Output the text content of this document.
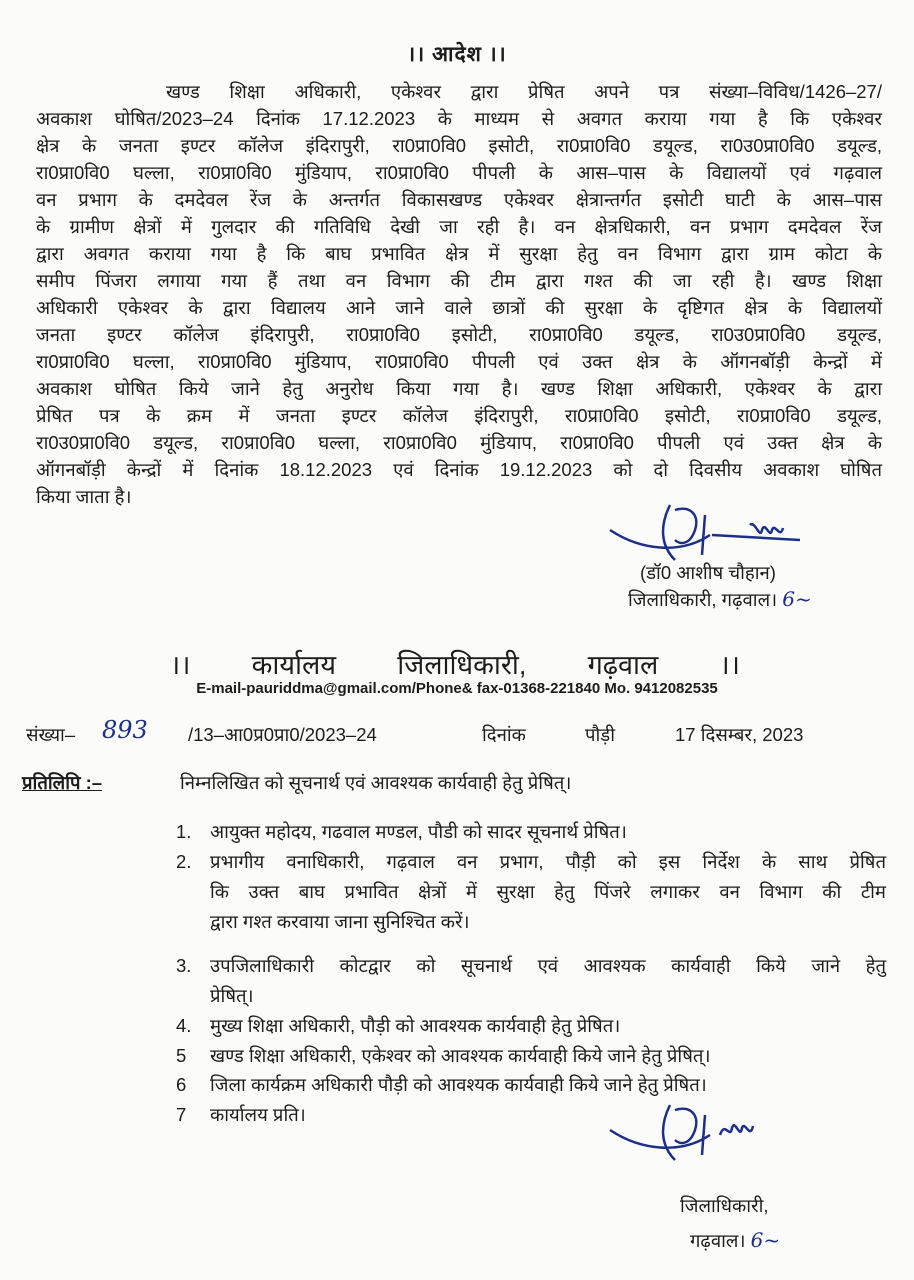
।। आदेश ।।
खण्ड शिक्षा अधिकारी, एकेश्वर द्वारा प्रेषित अपने पत्र संख्या–विविध/1426–27/
अवकाश घोषित/2023–24 दिनांक 17.12.2023 के माध्यम से अवगत कराया गया है कि एकेश्वर
क्षेत्र के जनता इण्टर कॉलेज इंदिरापुरी, रा0प्रा0वि0 इसोटी, रा0प्रा0वि0 डयूल्ड, रा0उ0प्रा0वि0 डयूल्ड,
रा0प्रा0वि0 घल्ला, रा0प्रा0वि0 मुंडियाप, रा0प्रा0वि0 पीपली के आस–पास के विद्यालयों एवं गढ़वाल
वन प्रभाग के दमदेवल रेंज के अन्तर्गत विकासखण्ड एकेश्वर क्षेत्रान्तर्गत इसोटी घाटी के आस–पास
के ग्रामीण क्षेत्रों में गुलदार की गतिविधि देखी जा रही है। वन क्षेत्रधिकारी, वन प्रभाग दमदेवल रेंज
द्वारा अवगत कराया गया है कि बाघ प्रभावित क्षेत्र में सुरक्षा हेतु वन विभाग द्वारा ग्राम कोटा के
समीप पिंजरा लगाया गया हैं तथा वन विभाग की टीम द्वारा गश्त की जा रही है। खण्ड शिक्षा
अधिकारी एकेश्वर के द्वारा विद्यालय आने जाने वाले छात्रों की सुरक्षा के दृष्टिगत क्षेत्र के विद्यालयों
जनता इण्टर कॉलेज इंदिरापुरी, रा0प्रा0वि0 इसोटी, रा0प्रा0वि0 डयूल्ड, रा0उ0प्रा0वि0 डयूल्ड,
रा0प्रा0वि0 घल्ला, रा0प्रा0वि0 मुंडियाप, रा0प्रा0वि0 पीपली एवं उक्त क्षेत्र के ऑगनबॉड़ी केन्द्रों में
अवकाश घोषित किये जाने हेतु अनुरोध किया गया है। खण्ड शिक्षा अधिकारी, एकेश्वर के द्वारा
प्रेषित पत्र के क्रम में जनता इण्टर कॉलेज इंदिरापुरी, रा0प्रा0वि0 इसोटी, रा0प्रा0वि0 डयूल्ड,
रा0उ0प्रा0वि0 डयूल्ड, रा0प्रा0वि0 घल्ला, रा0प्रा0वि0 मुंडियाप, रा0प्रा0वि0 पीपली एवं उक्त क्षेत्र के
ऑगनबॉड़ी केन्द्रों में दिनांक 18.12.2023 एवं दिनांक 19.12.2023 को दो दिवसीय अवकाश घोषित
किया जाता है।
(डॉ0 आशीष चौहान)
जिलाधिकारी, गढ़वाल। 6~
।। कार्यालय जिलाधिकारी, गढ़वाल ।।
E-mail-pauriddma@gmail.com/Phone& fax-01368-221840 Mo. 9412082535
संख्या– 893 /13–आ0प्र0प्रा0/2023–24	दिनांक	पौड़ी	17 दिसम्बर, 2023
प्रतिलिपि :–	निम्नलिखित को सूचनार्थ एवं आवश्यक कार्यवाही हेतु प्रेषित्।
1.	आयुक्त महोदय, गढवाल मण्डल, पौडी को सादर सूचनार्थ प्रेषित।
2.	प्रभागीय वनाधिकारी, गढ़वाल वन प्रभाग, पौड़ी को इस निर्देश के साथ प्रेषित
कि उक्त बाघ प्रभावित क्षेत्रों में सुरक्षा हेतु पिंजरे लगाकर वन विभाग की टीम
द्वारा गश्त करवाया जाना सुनिश्चित करें।
3.	उपजिलाधिकारी कोटद्वार को सूचनार्थ एवं आवश्यक कार्यवाही किये जाने हेतु
प्रेषित्।
4.	मुख्य शिक्षा अधिकारी, पौड़ी को आवश्यक कार्यवाही हेतु प्रेषित।
5	खण्ड शिक्षा अधिकारी, एकेश्वर को आवश्यक कार्यवाही किये जाने हेतु प्रेषित्।
6	जिला कार्यक्रम अधिकारी पौड़ी को आवश्यक कार्यवाही किये जाने हेतु प्रेषित।
7	कार्यालय प्रति।
जिलाधिकारी,
गढ़वाल। 6~
